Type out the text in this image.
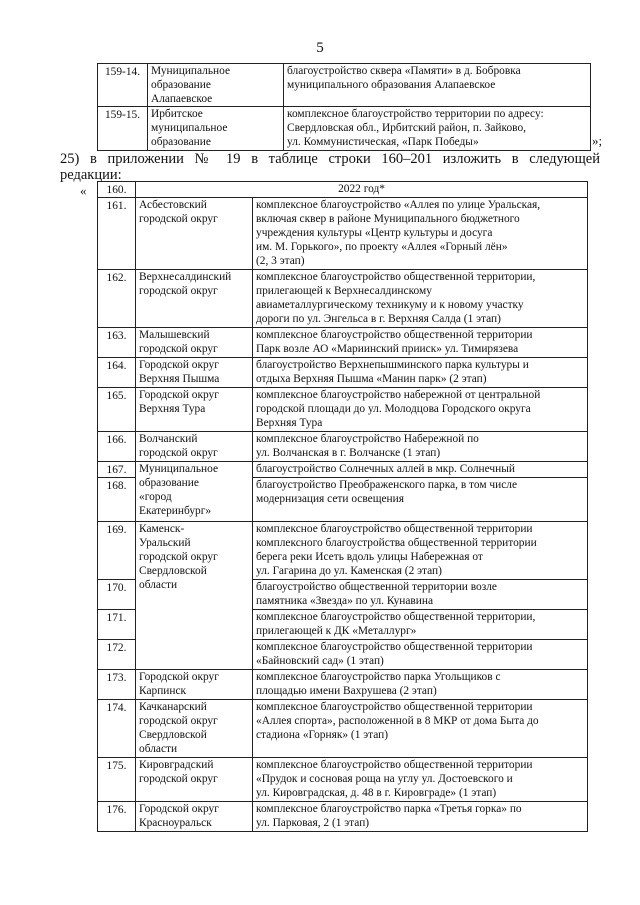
5
159-14.	Муниципальное
образование
Алапаевское	благоустройство сквера «Памяти» в д. Бобровка
муниципального образования Алапаевское
159-15.	Ирбитское
муниципальное
образование	комплексное благоустройство территории по адресу:
Свердловская обл., Ирбитский район, п. Зайково,
ул. Коммунистическая, «Парк Победы»	»;
25) в приложении № 19 в таблице строки 160–201 изложить в следующей
редакции:
« 160.	2022 год*	
161.	Асбестовский
городской округ	комплексное благоустройство «Аллея по улице Уральская,
включая сквер в районе Муниципального бюджетного
учреждения культуры «Центр культуры и досуга
им. М. Горького», по проекту «Аллея «Горный лён»
(2, 3 этап)
162.	Верхнесалдинский
городской округ	комплексное благоустройство общественной территории,
прилегающей к Верхнесалдинскому
авиаметаллургическому техникуму и к новому участку
дороги по ул. Энгельса в г. Верхняя Салда (1 этап)
163.	Малышевский
городской округ	комплексное благоустройство общественной территории
Парк возле АО «Мариинский прииск» ул. Тимирязева
164.	Городской округ
Верхняя Пышма	благоустройство Верхнепышминского парка культуры и
отдыха Верхняя Пышма «Манин парк» (2 этап)
165.	Городской округ
Верхняя Тура	комплексное благоустройство набережной от центральной
городской площади до ул. Молодцова Городского округа
Верхняя Тура
166.	Волчанский
городской округ	комплексное благоустройство Набережной по
ул. Волчанская в г. Волчанске (1 этап)
167.	Муниципальное
образование
«город
Екатеринбург»	благоустройство Солнечных аллей в мкр. Солнечный
168.		благоустройство Преображенского парка, в том числе
модернизация сети освещения
169.	Каменск-
Уральский
городской округ
Свердловской
области	комплексное благоустройство общественной территории
комплексного благоустройства общественной территории
берега реки Исеть вдоль улицы Набережная от
ул. Гагарина до ул. Каменская (2 этап)
170.		благоустройство общественной территории возле
памятника «Звезда» по ул. Кунавина
171.		комплексное благоустройство общественной территории,
прилегающей к ДК «Металлург»
172.		комплексное благоустройство общественной территории
«Байновский сад» (1 этап)
173.	Городской округ
Карпинск	комплексное благоустройство парка Угольщиков с
площадью имени Вахрушева (2 этап)
174.	Качканарский
городской округ
Свердловской
области	комплексное благоустройство общественной территории
«Аллея спорта», расположенной в 8 МКР от дома Быта до
стадиона «Горняк» (1 этап)
175.	Кировградский
городской округ	комплексное благоустройство общественной территории
«Прудок и сосновая роща на углу ул. Достоевского и
ул. Кировградская, д. 48 в г. Кировграде» (1 этап)
176.	Городской округ
Красноуральск	комплексное благоустройство парка «Третья горка» по
ул. Парковая, 2 (1 этап)
